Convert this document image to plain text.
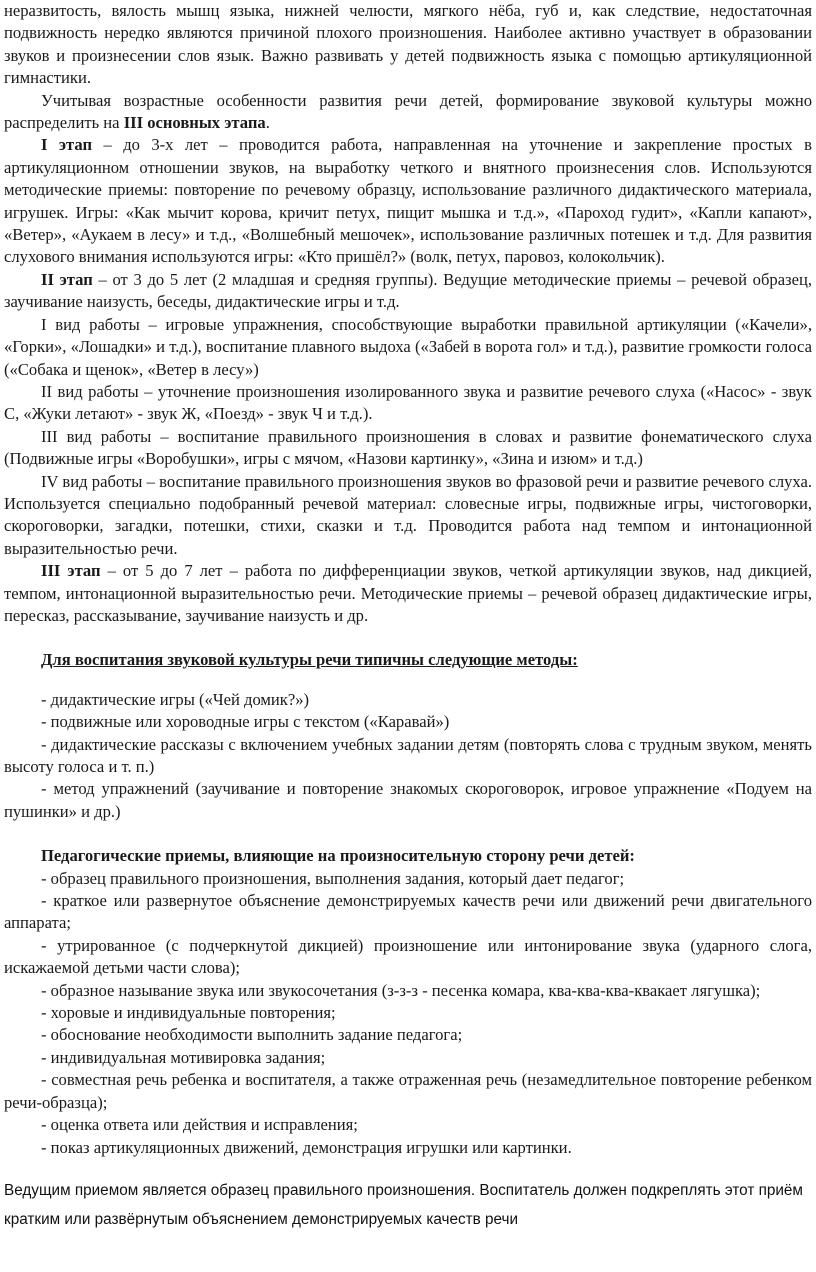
неразвитость, вялость мышц языка, нижней челюсти, мягкого нёба, губ и, как следствие, недостаточная подвижность нередко являются причиной плохого произношения. Наиболее активно участвует в образовании звуков и произнесении слов язык. Важно развивать у детей подвижность языка с помощью артикуляционной гимнастики.

Учитывая возрастные особенности развития речи детей, формирование звуковой культуры можно распределить на III основных этапа.

I этап – до 3-х лет – проводится работа, направленная на уточнение и закрепление простых в артикуляционном отношении звуков, на выработку четкого и внятного произнесения слов. Используются методические приемы: повторение по речевому образцу, использование различного дидактического материала, игрушек. Игры: «Как мычит корова, кричит петух, пищит мышка и т.д.», «Пароход гудит», «Капли капают», «Ветер», «Аукаем в лесу» и т.д., «Волшебный мешочек», использование различных потешек и т.д. Для развития слухового внимания используются игры: «Кто пришёл?» (волк, петух, паровоз, колокольчик).

II этап – от 3 до 5 лет (2 младшая и средняя группы). Ведущие методические приемы – речевой образец, заучивание наизусть, беседы, дидактические игры и т.д.

I вид работы – игровые упражнения, способствующие выработки правильной артикуляции («Качели», «Горки», «Лошадки» и т.д.), воспитание плавного выдоха («Забей в ворота гол» и т.д.), развитие громкости голоса («Собака и щенок», «Ветер в лесу»)

II вид работы – уточнение произношения изолированного звука и развитие речевого слуха («Насос» - звук С, «Жуки летают» - звук Ж, «Поезд» - звук Ч и т.д.).

III вид работы – воспитание правильного произношения в словах и развитие фонематического слуха (Подвижные игры «Воробушки», игры с мячом, «Назови картинку», «Зина и изюм» и т.д.)

IV вид работы – воспитание правильного произношения звуков во фразовой речи и развитие речевого слуха. Используется специально подобранный речевой материал: словесные игры, подвижные игры, чистоговорки, скороговорки, загадки, потешки, стихи, сказки и т.д. Проводится работа над темпом и интонационной выразительностью речи.

III этап – от 5 до 7 лет – работа по дифференциации звуков, четкой артикуляции звуков, над дикцией, темпом, интонационной выразительностью речи. Методические приемы – речевой образец дидактические игры, пересказ, рассказывание, заучивание наизусть и др.

Для воспитания звуковой культуры речи типичны следующие методы:

- дидактические игры («Чей домик?»)

- подвижные или хороводные игры с текстом («Каравай»)

- дидактические рассказы с включением учебных задании детям (повторять слова с трудным звуком, менять высоту голоса и т. п.)

- метод упражнений (заучивание и повторение знакомых скороговорок, игровое упражнение «Подуем на пушинки» и др.)

Педагогические приемы, влияющие на произносительную сторону речи детей:

- образец правильного произношения, выполнения задания, который дает педагог;

- краткое или развернутое объяснение демонстрируемых качеств речи или движений речи двигательного аппарата;

- утрированное (с подчеркнутой дикцией) произношение или интонирование звука (ударного слога, искажаемой детьми части слова);

- образное называние звука или звукосочетания (з-з-з - песенка комара, ква-ква-ква-квакает лягушка);

- хоровые и индивидуальные повторения;

- обоснование необходимости выполнить задание педагога;

- индивидуальная мотивировка задания;

- совместная речь ребенка и воспитателя, а также отраженная речь (незамедлительное повторение ребенком речи-образца);

- оценка ответа или действия и исправления;

- показ артикуляционных движений, демонстрация игрушки или картинки.

Ведущим приемом является образец правильного произношения. Воспитатель должен подкреплять этот приём кратким или развёрнутым объяснением демонстрируемых качеств речи
